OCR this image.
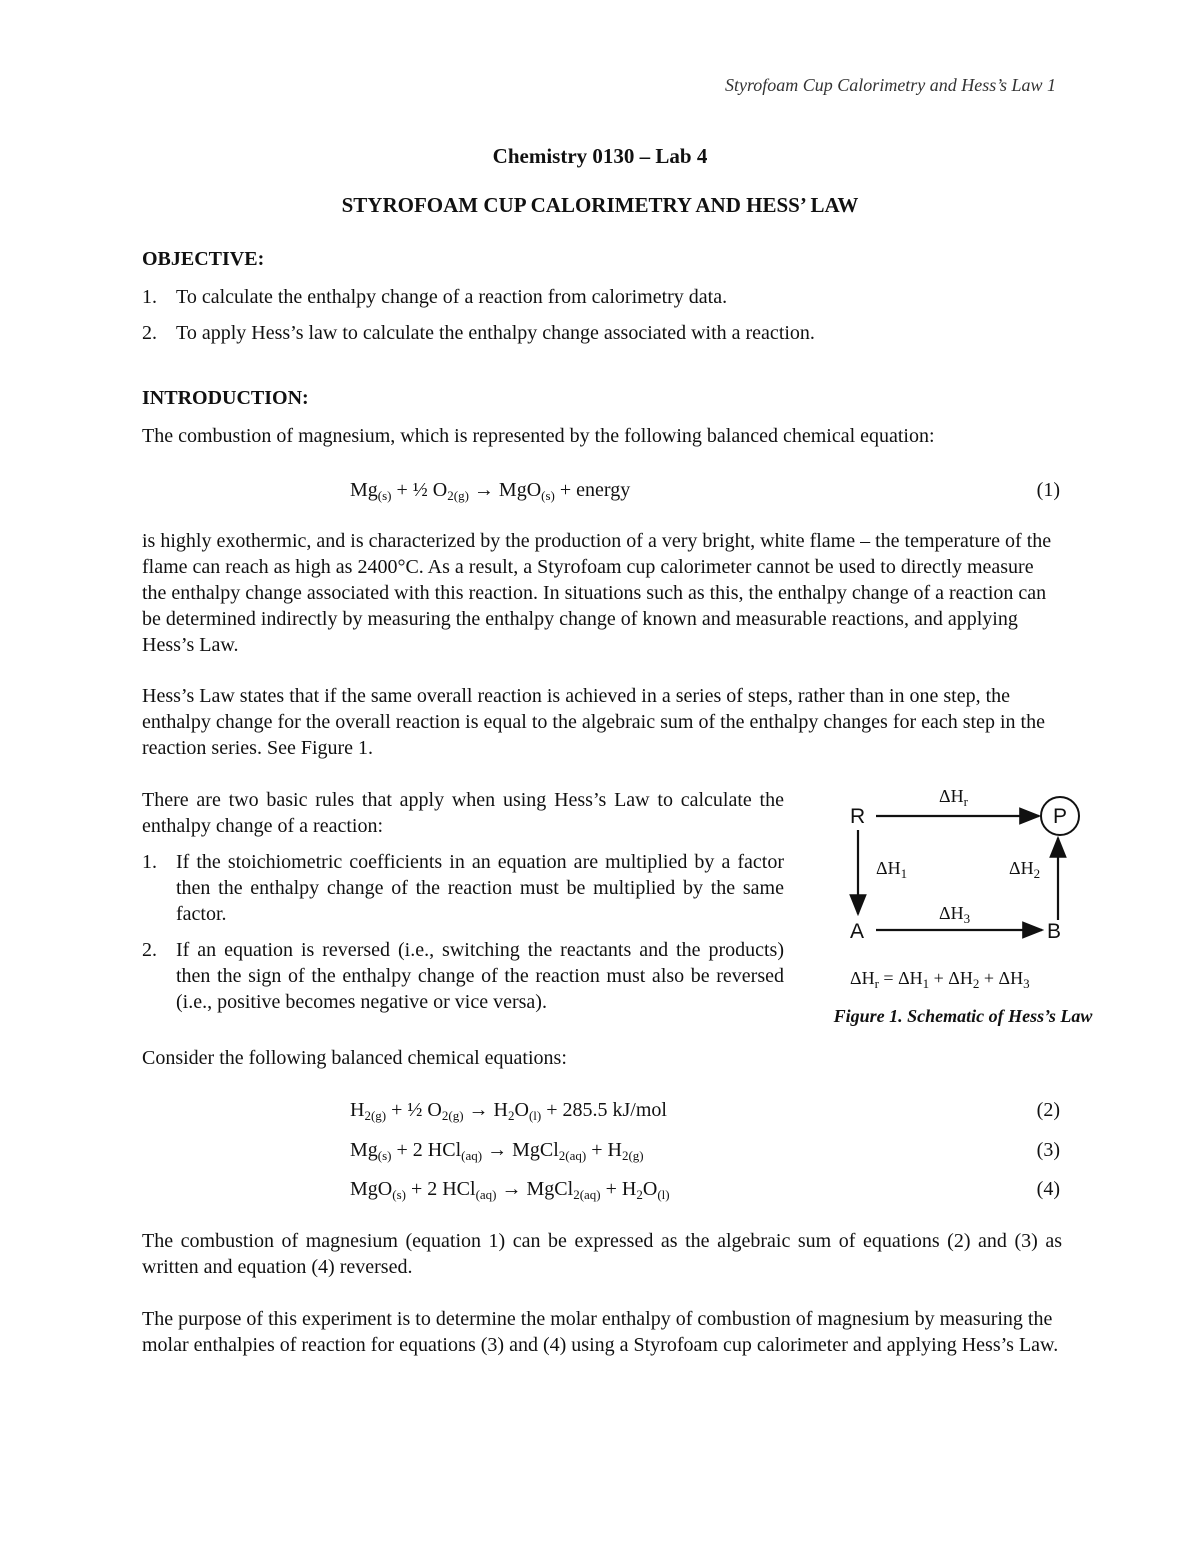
Styrofoam Cup Calorimetry and Hess’s Law 1
Chemistry 0130 – Lab 4
STYROFOAM CUP CALORIMETRY AND HESS’ LAW
OBJECTIVE:
1. To calculate the enthalpy change of a reaction from calorimetry data.
2. To apply Hess’s law to calculate the enthalpy change associated with a reaction.
INTRODUCTION:
The combustion of magnesium, which is represented by the following balanced chemical equation:
$Mg_{(s)}$ + ½ $O_{2(g)} \to MgO_{(s)}$ + energy	(1)
is highly exothermic, and is characterized by the production of a very bright, white flame – the temperature of the flame can reach as high as 2400°C. As a result, a Styrofoam cup calorimeter cannot be used to directly measure the enthalpy change associated with this reaction. In situations such as this, the enthalpy change of a reaction can be determined indirectly by measuring the enthalpy change of known and measurable reactions, and applying Hess’s Law.
Hess’s Law states that if the same overall reaction is achieved in a series of steps, rather than in one step, the enthalpy change for the overall reaction is equal to the algebraic sum of the enthalpy changes for each step in the reaction series. See Figure 1.

There are two basic rules that apply when using Hess’s Law to calculate the enthalpy change of a reaction:

1. If the stoichiometric coefficients in an equation are multiplied by a factor then the enthalpy change of the reaction must be multiplied by the same factor.
2. If an equation is reversed (i.e., switching the reactants and the products) then the sign of the enthalpy change of the reaction must also be reversed (i.e., positive becomes negative or vice versa).
R	P
A	B
$\Delta H_r$
$\Delta H_1$	$\Delta H_2$
$\Delta H_3$
$\Delta H_r = \Delta H_1 + \Delta H_2 + \Delta H_3$
Figure 1. Schematic of Hess’s Law
Consider the following balanced chemical equations:
$H_{2(g)}$ + ½ $O_{2(g)} \to H_2O_{(l)} + 285.5$ kJ/mol	(2)
$Mg_{(s)} + 2$ HCl$_{(aq)}$ → MgCl$_{2(aq)}$ + $H_{2(g)}$	(3)
MgO$_{(s)}$ + 2 HCl$_{(aq)}$ → MgCl$_{2(aq)}$ + $H_2O_{(l)}$	(4)
The combustion of magnesium (equation 1) can be expressed as the algebraic sum of equations (2) and (3) as written and equation (4) reversed.
The purpose of this experiment is to determine the molar enthalpy of combustion of magnesium by measuring the molar enthalpies of reaction for equations (3) and (4) using a Styrofoam cup calorimeter and applying Hess’s Law.
